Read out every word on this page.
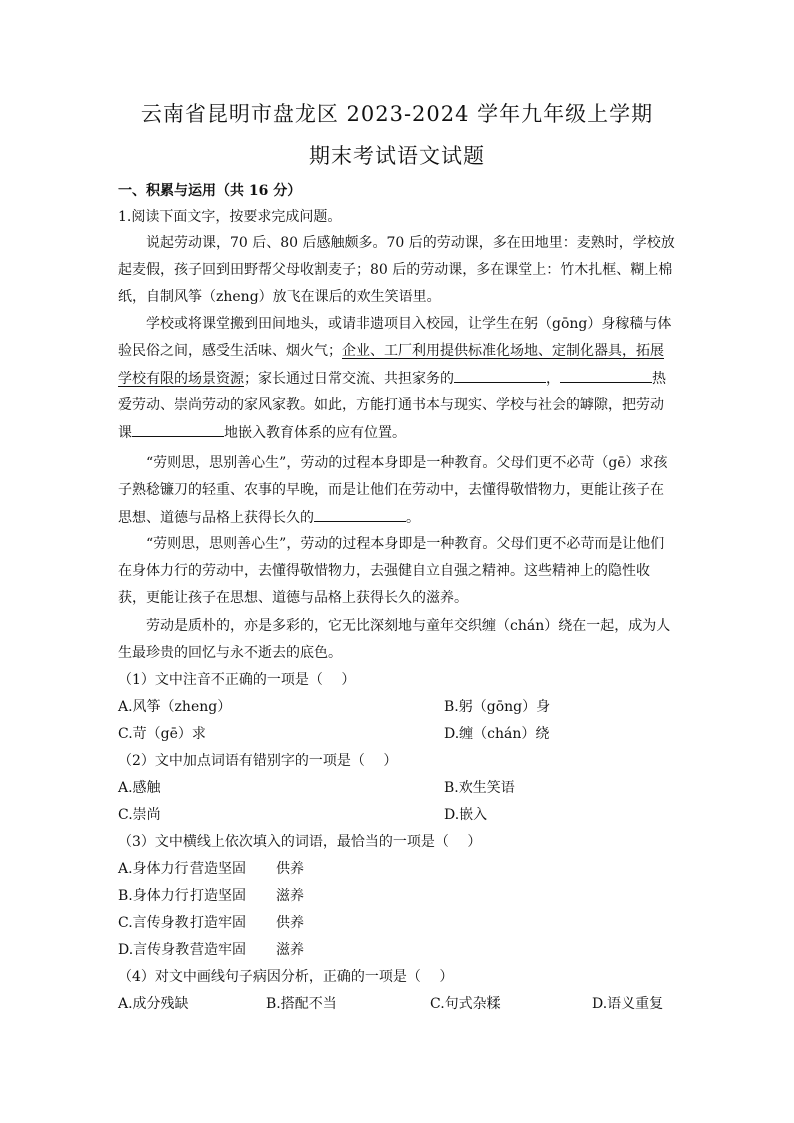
云南省昆明市盘龙区 2023-2024 学年九年级上学期
期末考试语文试题
一、积累与运用（共 16 分）
1.阅读下面文字，按要求完成问题。
说起劳动课，70 后、80 后感触颇多。70 后的劳动课，多在田地里：麦熟时，学校放
起麦假，孩子回到田野帮父母收割麦子；80 后的劳动课，多在课堂上：竹木扎框、糊上棉
纸，自制风筝（zheng）放飞在课后的欢生笑语里。
学校或将课堂搬到田间地头，或请非遗项目入校园，让学生在躬（gōng）身稼穑与体
验民俗之间，感受生活味、烟火气；企业、工厂利用提供标准化场地、定制化器具，拓展
学校有限的场景资源；家长通过日常交流、共担家务的	，	热
爱劳动、崇尚劳动的家风家教。如此，方能打通书本与现实、学校与社会的罅隙，把劳动
课	地嵌入教育体系的应有位置。
“劳则思，思别善心生”，劳动的过程本身即是一种教育。父母们更不必苛（gē）求孩
子熟稔镰刀的轻重、农事的早晚，而是让他们在劳动中，去懂得敬惜物力，更能让孩子在
思想、道德与品格上获得长久的	。
“劳则思，思则善心生”，劳动的过程本身即是一种教育。父母们更不必苛而是让他们
在身体力行的劳动中，去懂得敬惜物力，去强健自立自强之精神。这些精神上的隐性收
获，更能让孩子在思想、道德与品格上获得长久的滋养。
劳动是质朴的，亦是多彩的，它无比深刻地与童年交织缠（chán）绕在一起，成为人
生最珍贵的回忆与永不逝去的底色。
（1）文中注音不正确的一项是（　 ）
A.风筝（zheng）	B.躬（gōng）身
C.苛（gē）求	D.缠（chán）绕
（2）文中加点词语有错别字的一项是（　 ）
A.感触	B.欢生笑语
C.崇尚	D.嵌入
（3）文中横线上依次填入的词语，最恰当的一项是（　 ）
A.身体力行营造坚固 供养
B.身体力行打造坚固 滋养
C.言传身教打造牢固 供养
D.言传身教营造牢固 滋养
（4）对文中画线句子病因分析，正确的一项是（　 ）
A.成分残缺	B.搭配不当	C.句式杂糅	D.语义重复
